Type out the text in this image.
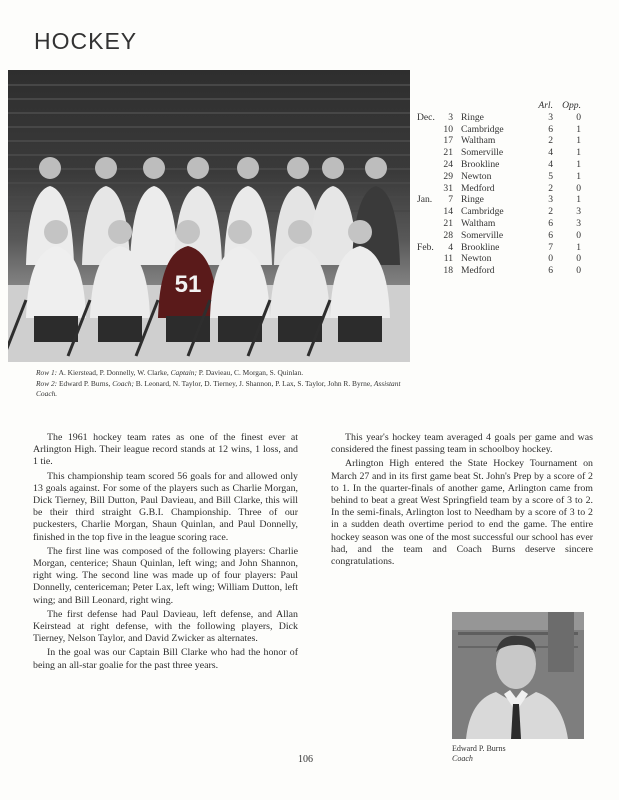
HOCKEY
51
Row 1: A. Kierstead, P. Donnelly, W. Clarke, Captain; P. Davieau, C. Morgan, S. Quinlan.
Row 2: Edward P. Burns, Coach; B. Leonard, N. Taylor, D. Tierney, J. Shannon, P. Lax, S. Taylor, John R. Byrne, Assistant Coach.
Arl. Opp.
Dec.	3 Ringe	3	0
10 Cambridge	6	1
17 Waltham	2	1
21 Somerville	4	1
24 Brookline	4	1
29 Newton	5	1
31 Medford	2	0
Jan.	7 Ringe	3	1
14 Cambridge	2	3
21 Waltham	6	3
28 Somerville	6	0
Feb.	4 Brookline	7	1
11 Newton	0	0
18 Medford	6	0

The 1961 hockey team rates as one of the finest ever at Arlington High. Their league record stands at 12 wins, 1 loss, and 1 tie.

This championship team scored 56 goals for and allowed only 13 goals against. For some of the players such as Charlie Morgan, Dick Tierney, Bill Dutton, Paul Davieau, and Bill Clarke, this will be their third straight G.B.I. Championship. Three of our puckesters, Charlie Morgan, Shaun Quinlan, and Paul Donnelly, finished in the top five in the league scoring race.

The first line was composed of the following players: Charlie Morgan, centerice; Shaun Quinlan, left wing; and John Shannon, right wing. The second line was made up of four players: Paul Donnelly, centericeman; Peter Lax, left wing; William Dutton, left wing; and Bill Leonard, right wing.

The first defense had Paul Davieau, left defense, and Allan Keirstead at right defense, with the following players, Dick Tierney, Nelson Taylor, and David Zwicker as alternates.

In the goal was our Captain Bill Clarke who had the honor of being an all-star goalie for the past three years.

This year's hockey team averaged 4 goals per game and was considered the finest passing team in schoolboy hockey.

Arlington High entered the State Hockey Tournament on March 27 and in its first game beat St. John's Prep by a score of 2 to 1. In the quarter-finals of another game, Arlington came from behind to beat a great West Springfield team by a score of 3 to 2. In the semi-finals, Arlington lost to Needham by a score of 3 to 2 in a sudden death overtime period to end the game. The entire hockey season was one of the most successful our school has ever had, and the team and Coach Burns deserve sincere congratulations.

Edward P. Burns
Coach
106
